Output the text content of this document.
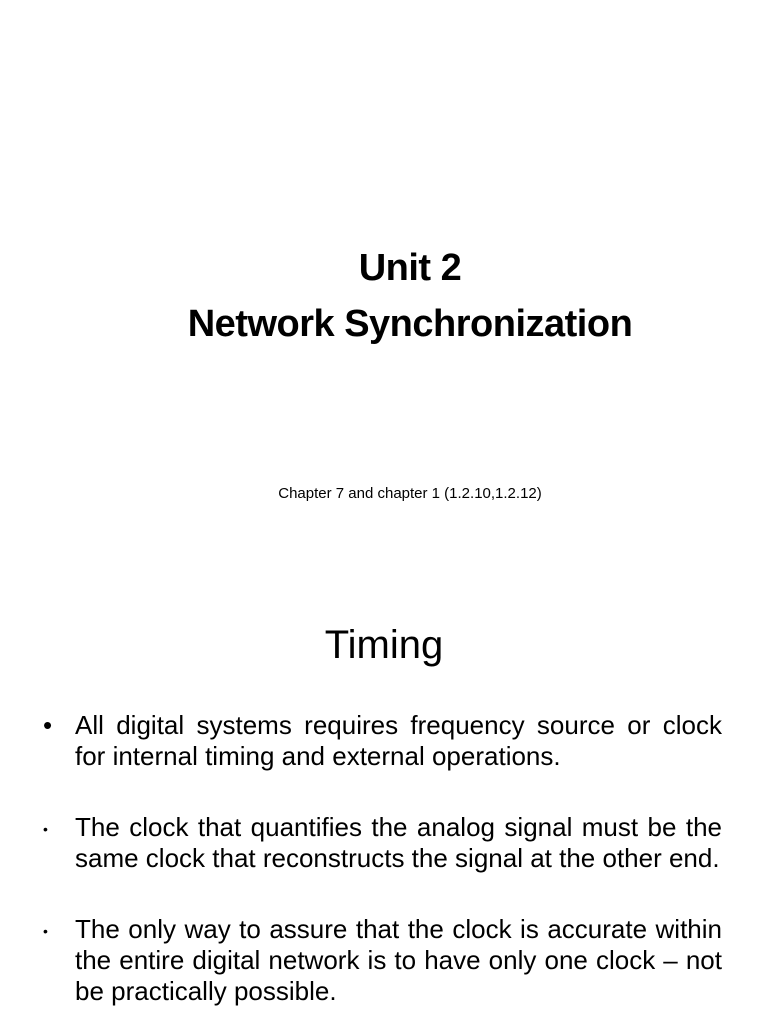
Unit 2
Network Synchronization
Chapter 7 and chapter 1 (1.2.10,1.2.12)
Timing
• All digital systems requires frequency source or clock for internal timing and external operations.
• The clock that quantifies the analog signal must be the same clock that reconstructs the signal at the other end.
• The only way to assure that the clock is accurate within the entire digital network is to have only one clock – not be practically possible.
